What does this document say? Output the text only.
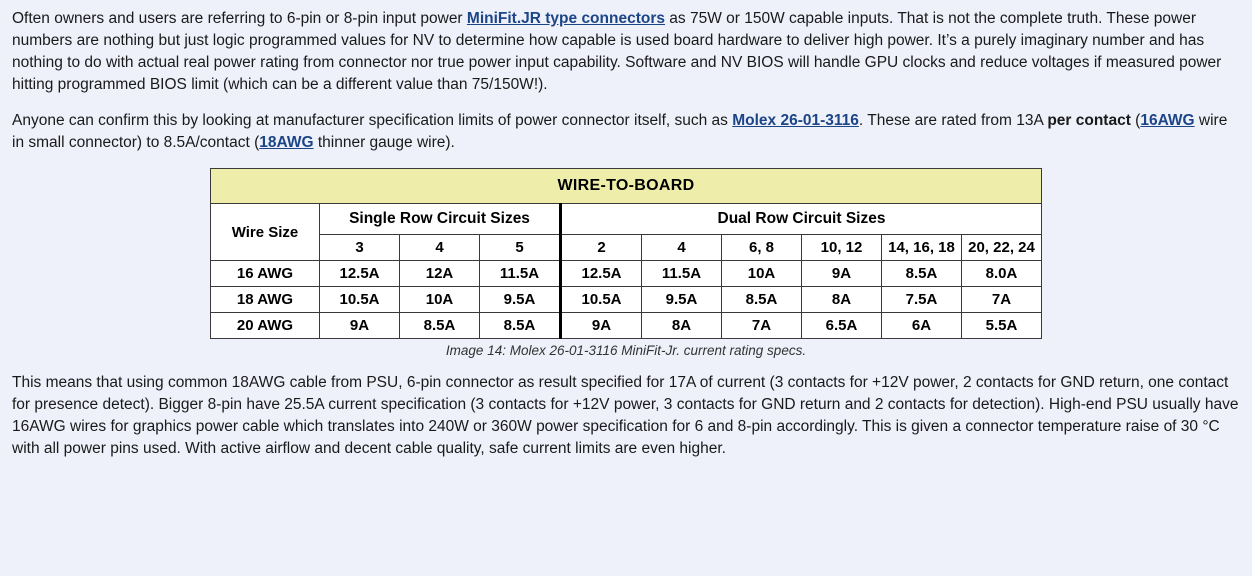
Often owners and users are referring to 6-pin or 8-pin input power MiniFit.JR type connectors as 75W or 150W capable inputs. That is not the complete truth. These power numbers are nothing but just logic programmed values for NV to determine how capable is used board hardware to deliver high power. It’s a purely imaginary number and has nothing to do with actual real power rating from connector nor true power input capability. Software and NV BIOS will handle GPU clocks and reduce voltages if measured power hitting programmed BIOS limit (which can be a different value than 75/150W!).

Anyone can confirm this by looking at manufacturer specification limits of power connector itself, such as Molex 26-01-3116. These are rated from 13A per contact (16AWG wire in small connector) to 8.5A/contact (18AWG thinner gauge wire).

WIRE-TO-BOARD									
Wire Size	Single Row Circuit Sizes			Dual Row Circuit Sizes					
	3	4	5	2	4	6, 8	10, 12	14, 16, 18	20, 22, 24
16 AWG	12.5A	12A	11.5A	12.5A	11.5A	10A	9A	8.5A	8.0A
18 AWG	10.5A	10A	9.5A	10.5A	9.5A	8.5A	8A	7.5A	7A
20 AWG	9A	8.5A	8.5A	9A	8A	7A	6.5A	6A	5.5A
Image 14: Molex 26-01-3116 MiniFit-Jr. current rating specs.

This means that using common 18AWG cable from PSU, 6-pin connector as result specified for 17A of current (3 contacts for +12V power, 2 contacts for GND return, one contact for presence detect). Bigger 8-pin have 25.5A current specification (3 contacts for +12V power, 3 contacts for GND return and 2 contacts for detection). High-end PSU usually have 16AWG wires for graphics power cable which translates into 240W or 360W power specification for 6 and 8-pin accordingly. This is given a connector temperature raise of 30 °C with all power pins used. With active airflow and decent cable quality, safe current limits are even higher.
